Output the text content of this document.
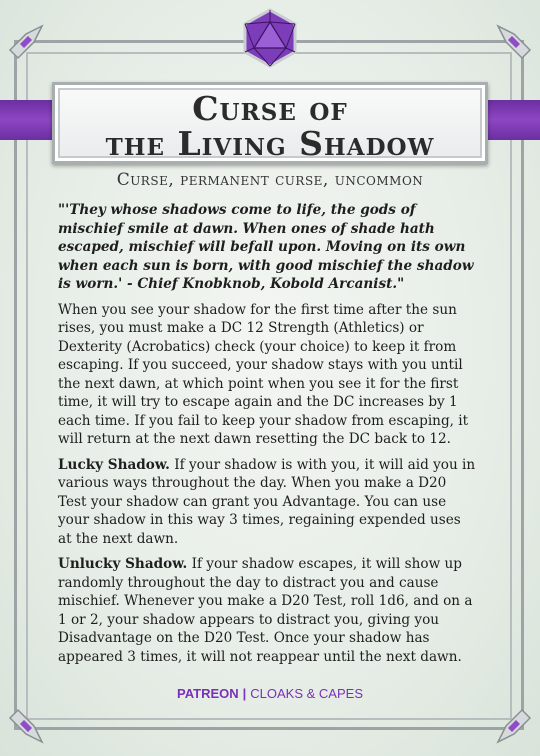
Curse of
the Living Shadow
Curse, permanent curse, uncommon

"'They whose shadows come to life, the gods of mischief smile at dawn. When ones of shade hath escaped, mischief will befall upon. Moving on its own when each sun is born, with good mischief the shadow is worn.' - Chief Knobknob, Kobold Arcanist."

When you see your shadow for the first time after the sun rises, you must make a DC 12 Strength (Athletics) or Dexterity (Acrobatics) check (your choice) to keep it from escaping. If you succeed, your shadow stays with you until the next dawn, at which point when you see it for the first time, it will try to escape again and the DC increases by 1 each time. If you fail to keep your shadow from escaping, it will return at the next dawn resetting the DC back to 12.

Lucky Shadow. If your shadow is with you, it will aid you in various ways throughout the day. When you make a D20 Test your shadow can grant you Advantage. You can use your shadow in this way 3 times, regaining expended uses at the next dawn.

Unlucky Shadow. If your shadow escapes, it will show up randomly throughout the day to distract you and cause mischief. Whenever you make a D20 Test, roll 1d6, and on a 1 or 2, your shadow appears to distract you, giving you Disadvantage on the D20 Test. Once your shadow has appeared 3 times, it will not reappear until the next dawn.

PATREON | CLOAKS & CAPES
